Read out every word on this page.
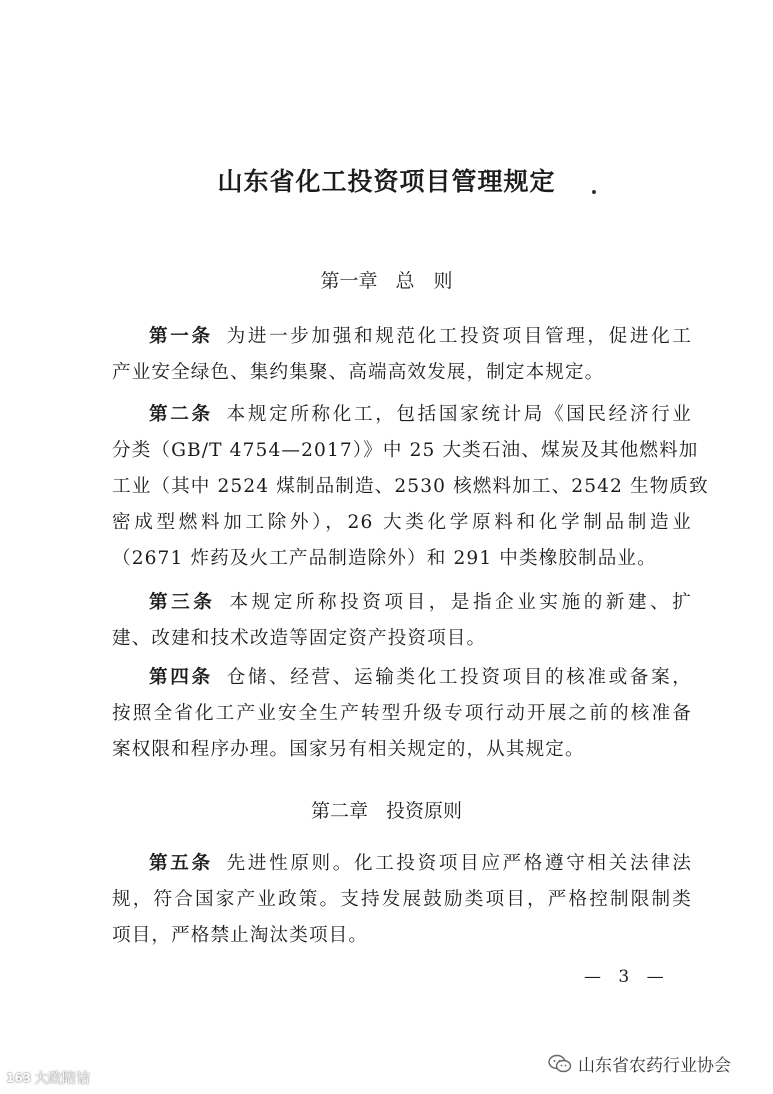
山东省化工投资项目管理规定
第一章 总　则
第一条 为进一步加强和规范化工投资项目管理，促进化工
产业安全绿色、集约集聚、高端高效发展，制定本规定。
第二条 本规定所称化工，包括国家统计局《国民经济行业
分类（GB/T 4754—2017）》中 25 大类石油、煤炭及其他燃料加
工业（其中 2524 煤制品制造、2530 核燃料加工、2542 生物质致
密成型燃料加工除外），26 大类化学原料和化学制品制造业
（2671 炸药及火工产品制造除外）和 291 中类橡胶制品业。
第三条 本规定所称投资项目，是指企业实施的新建、扩
建、改建和技术改造等固定资产投资项目。
第四条 仓储、经营、运输类化工投资项目的核准或备案，
按照全省化工产业安全生产转型升级专项行动开展之前的核准备
案权限和程序办理。国家另有相关规定的，从其规定。
第二章 投资原则
第五条 先进性原则。化工投资项目应严格遵守相关法律法
规，符合国家产业政策。支持发展鼓励类项目，严格控制限制类
项目，严格禁止淘汰类项目。
— 3 —
山东省农药行业协会
163 大政陪诘
